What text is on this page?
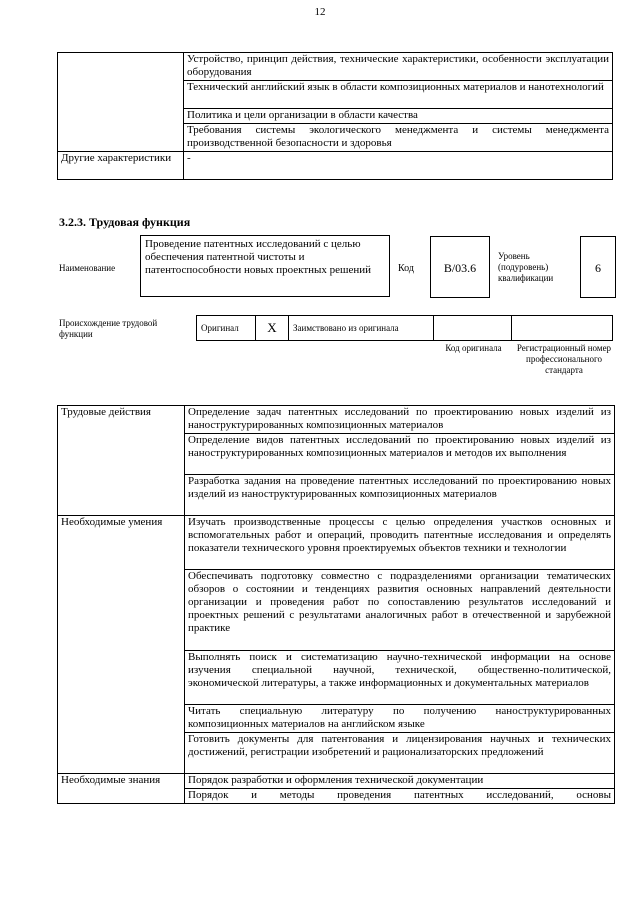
12
	Устройство, принцип действия, технические характеристики, особенности эксплуатации оборудования
	Технический английский язык в области композиционных материалов и нанотехнологий
	Политика и цели организации в области качества
	Требования системы экологического менеджмента и системы менеджмента производственной безопасности и здоровья
Другие характеристики	-
3.2.3. Трудовая функция
Наименование
Проведение патентных исследований с целью обеспечения патентной чистоты и патентоспособности новых проектных решений	Код	B/03.6
Уровень (подуровень) квалификации
6
Происхождение трудовой функции
Оригинал	X	Заимствовано из оригинала
Код оригинала	Регистрационный номер профессионального стандарта
Трудовые действия	Определение задач патентных исследований по проектированию новых изделий из наноструктурированных композиционных материалов
	Определение видов патентных исследований по проектированию новых изделий из наноструктурированных композиционных материалов и методов их выполнения
	Разработка задания на проведение патентных исследований по проектированию новых изделий из наноструктурированных композиционных материалов
Необходимые умения	Изучать производственные процессы с целью определения участков основных и вспомогательных работ и операций, проводить патентные исследования и определять показатели технического уровня проектируемых объектов техники и технологии
	Обеспечивать подготовку совместно с подразделениями организации тематических обзоров о состоянии и тенденциях развития основных направлений деятельности организации и проведения работ по сопоставлению результатов исследований и проектных решений с результатами аналогичных работ в отечественной и зарубежной практике
	Выполнять поиск и систематизацию научно-технической информации на основе изучения специальной научной, технической, общественно-политической, экономической литературы, а также информационных и документальных материалов
	Читать специальную литературу по получению наноструктурированных композиционных материалов на английском языке
	Готовить документы для патентования и лицензирования научных и технических достижений, регистрации изобретений и рационализаторских предложений
Необходимые знания	Порядок разработки и оформления технической документации
	Порядок и методы проведения патентных исследований, основы
